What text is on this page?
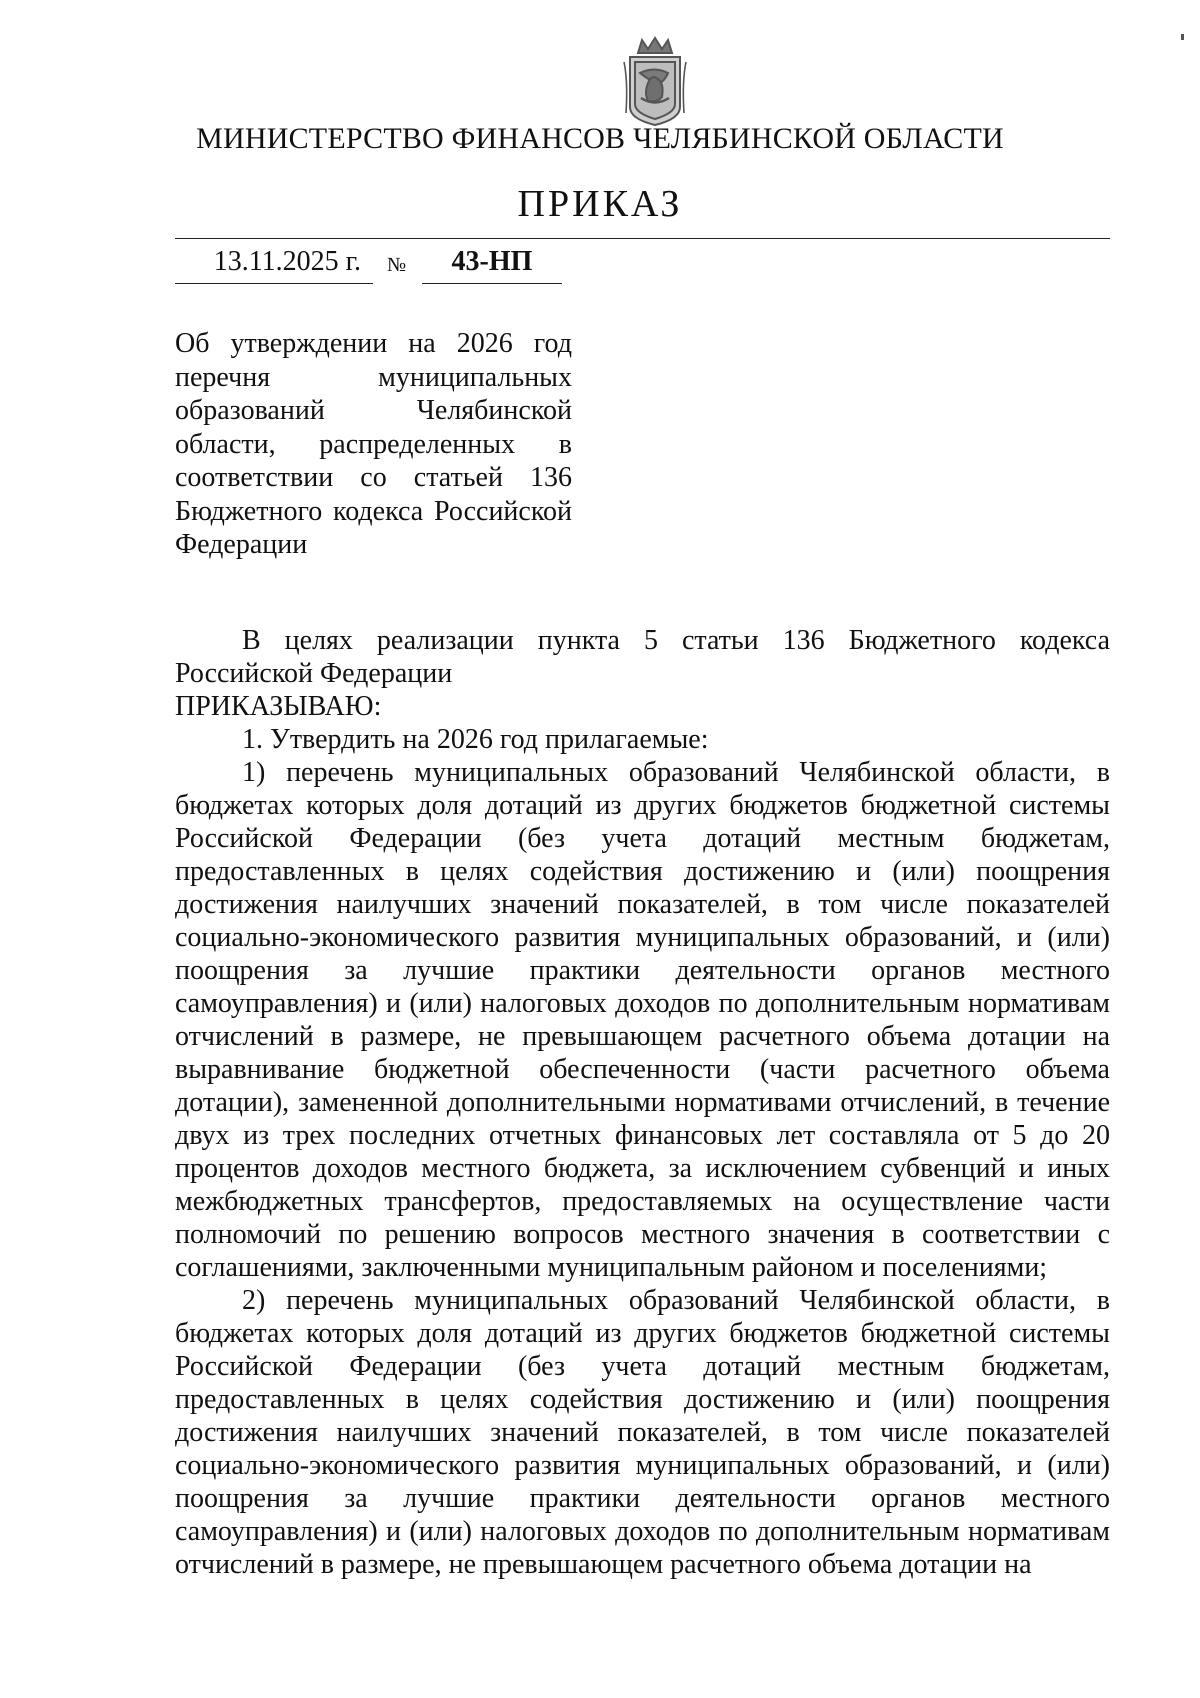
МИНИСТЕРСТВО ФИНАНСОВ ЧЕЛЯБИНСКОЙ ОБЛАСТИ
ПРИКАЗ
13.11.2025 г.	№	43-НП
Об утверждении на 2026 год перечня муниципальных образований Челябинской области, распределенных в соответствии со статьей 136 Бюджетного кодекса Российской Федерации

В целях реализации пункта 5 статьи 136 Бюджетного кодекса Российской Федерации

ПРИКАЗЫВАЮ:

1. Утвердить на 2026 год прилагаемые:

1) перечень муниципальных образований Челябинской области, в бюджетах которых доля дотаций из других бюджетов бюджетной системы Российской Федерации (без учета дотаций местным бюджетам, предоставленных в целях содействия достижению и (или) поощрения достижения наилучших значений показателей, в том числе показателей социально-экономического развития муниципальных образований, и (или) поощрения за лучшие практики деятельности органов местного самоуправления) и (или) налоговых доходов по дополнительным нормативам отчислений в размере, не превышающем расчетного объема дотации на выравнивание бюджетной обеспеченности (части расчетного объема дотации), замененной дополнительными нормативами отчислений, в течение двух из трех последних отчетных финансовых лет составляла от 5 до 20 процентов доходов местного бюджета, за исключением субвенций и иных межбюджетных трансфертов, предоставляемых на осуществление части полномочий по решению вопросов местного значения в соответствии с соглашениями, заключенными муниципальным районом и поселениями;

2) перечень муниципальных образований Челябинской области, в бюджетах которых доля дотаций из других бюджетов бюджетной системы Российской Федерации (без учета дотаций местным бюджетам, предоставленных в целях содействия достижению и (или) поощрения достижения наилучших значений показателей, в том числе показателей социально-экономического развития муниципальных образований, и (или) поощрения за лучшие практики деятельности органов местного самоуправления) и (или) налоговых доходов по дополнительным нормативам отчислений в размере, не превышающем расчетного объема дотации на
